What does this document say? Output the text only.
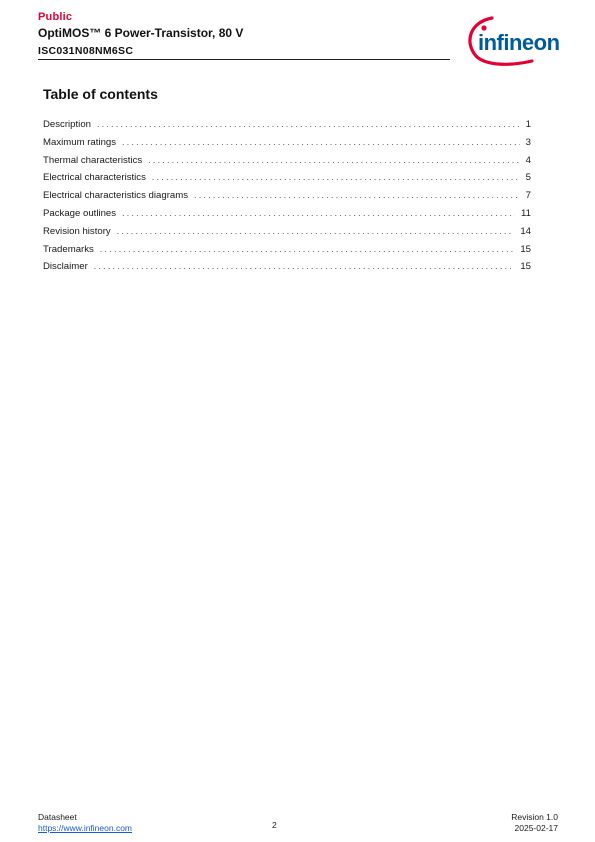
Public
OptiMOS™ 6 Power-Transistor, 80 V
ISC031N08NM6SC	infineon
Table of contents
Description . . .	1
Maximum ratings . . .	3
Thermal characteristics . . .	4
Electrical characteristics . . .	5
Electrical characteristics diagrams . . .	7
Package outlines . . .	11
Revision history . . .	14
Trademarks . . .	15
Disclaimer . . .	15
Datasheet
https://www.infineon.com	2
Revision 1.0
2025-02-17
